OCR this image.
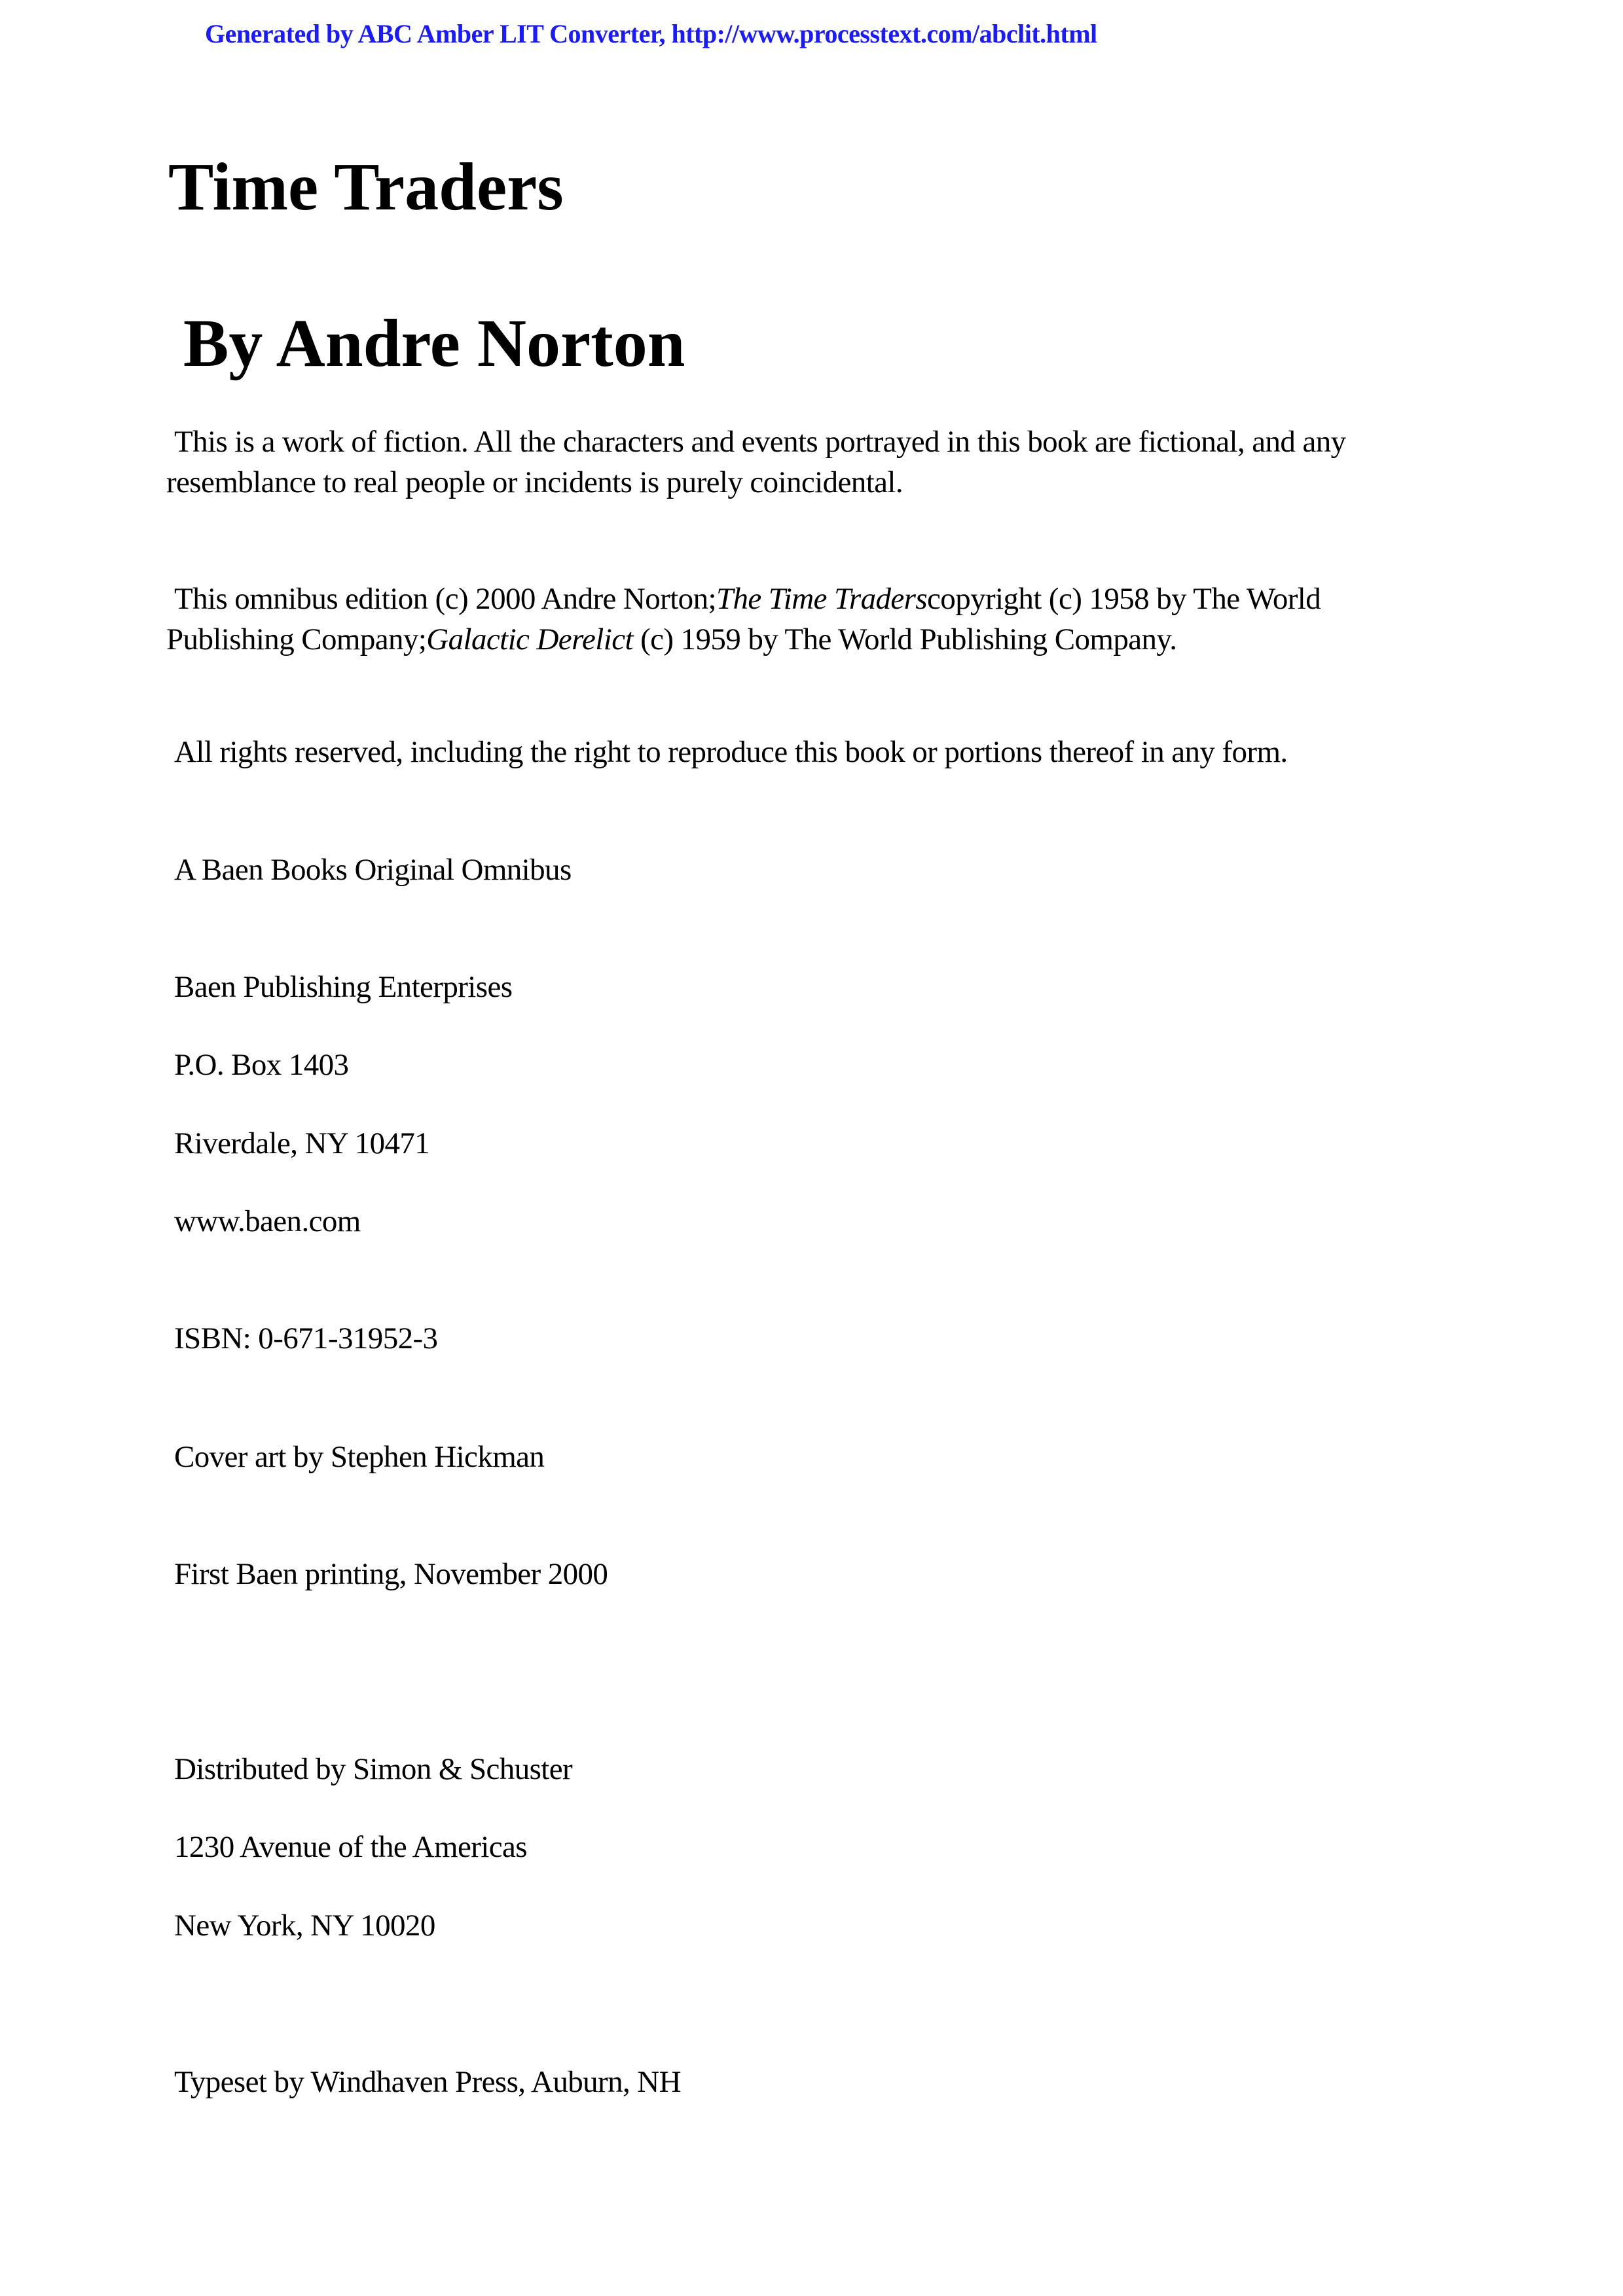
Generated by ABC Amber LIT Converter, http://www.processtext.com/abclit.html
Time Traders
By Andre Norton
This is a work of fiction. All the characters and events portrayed in this book are fictional, and any
resemblance to real people or incidents is purely coincidental.
This omnibus edition (c) 2000 Andre Norton;The Time Traderscopyright (c) 1958 by The World
Publishing Company;Galactic Derelict (c) 1959 by The World Publishing Company.
All rights reserved, including the right to reproduce this book or portions thereof in any form.
A Baen Books Original Omnibus
Baen Publishing Enterprises
P.O. Box 1403
Riverdale, NY 10471
www.baen.com
ISBN: 0-671-31952-3
Cover art by Stephen Hickman
First Baen printing, November 2000
Distributed by Simon & Schuster
1230 Avenue of the Americas
New York, NY 10020
Typeset by Windhaven Press, Auburn, NH
